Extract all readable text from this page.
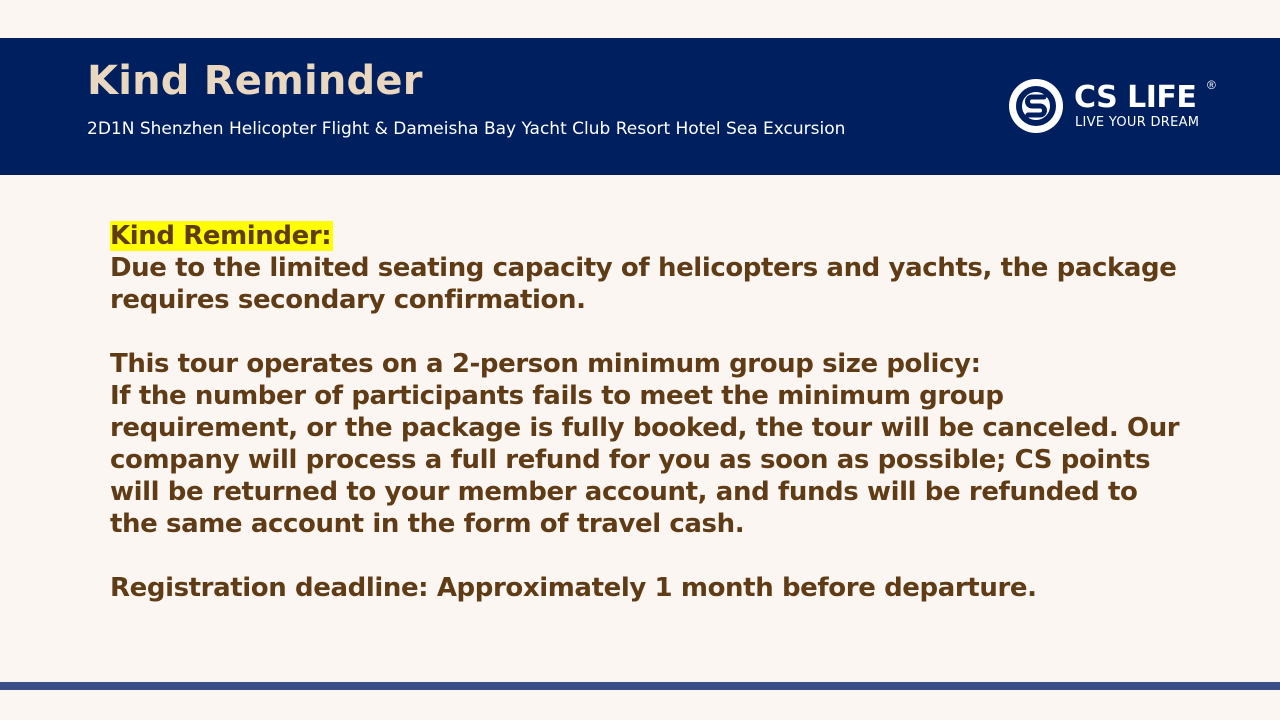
Kind Reminder
2D1N Shenzhen Helicopter Flight & Dameisha Bay Yacht Club Resort Hotel Sea Excursion
CS LIFE ®
LIVE YOUR DREAM

Kind Reminder:

Due to the limited seating capacity of helicopters and yachts, the package requires secondary confirmation.

This tour operates on a 2-person minimum group size policy:

If the number of participants fails to meet the minimum group requirement, or the package is fully booked, the tour will be canceled. Our company will process a full refund for you as soon as possible; CS points will be returned to your member account, and funds will be refunded to the same account in the form of travel cash.

Registration deadline: Approximately 1 month before departure.
